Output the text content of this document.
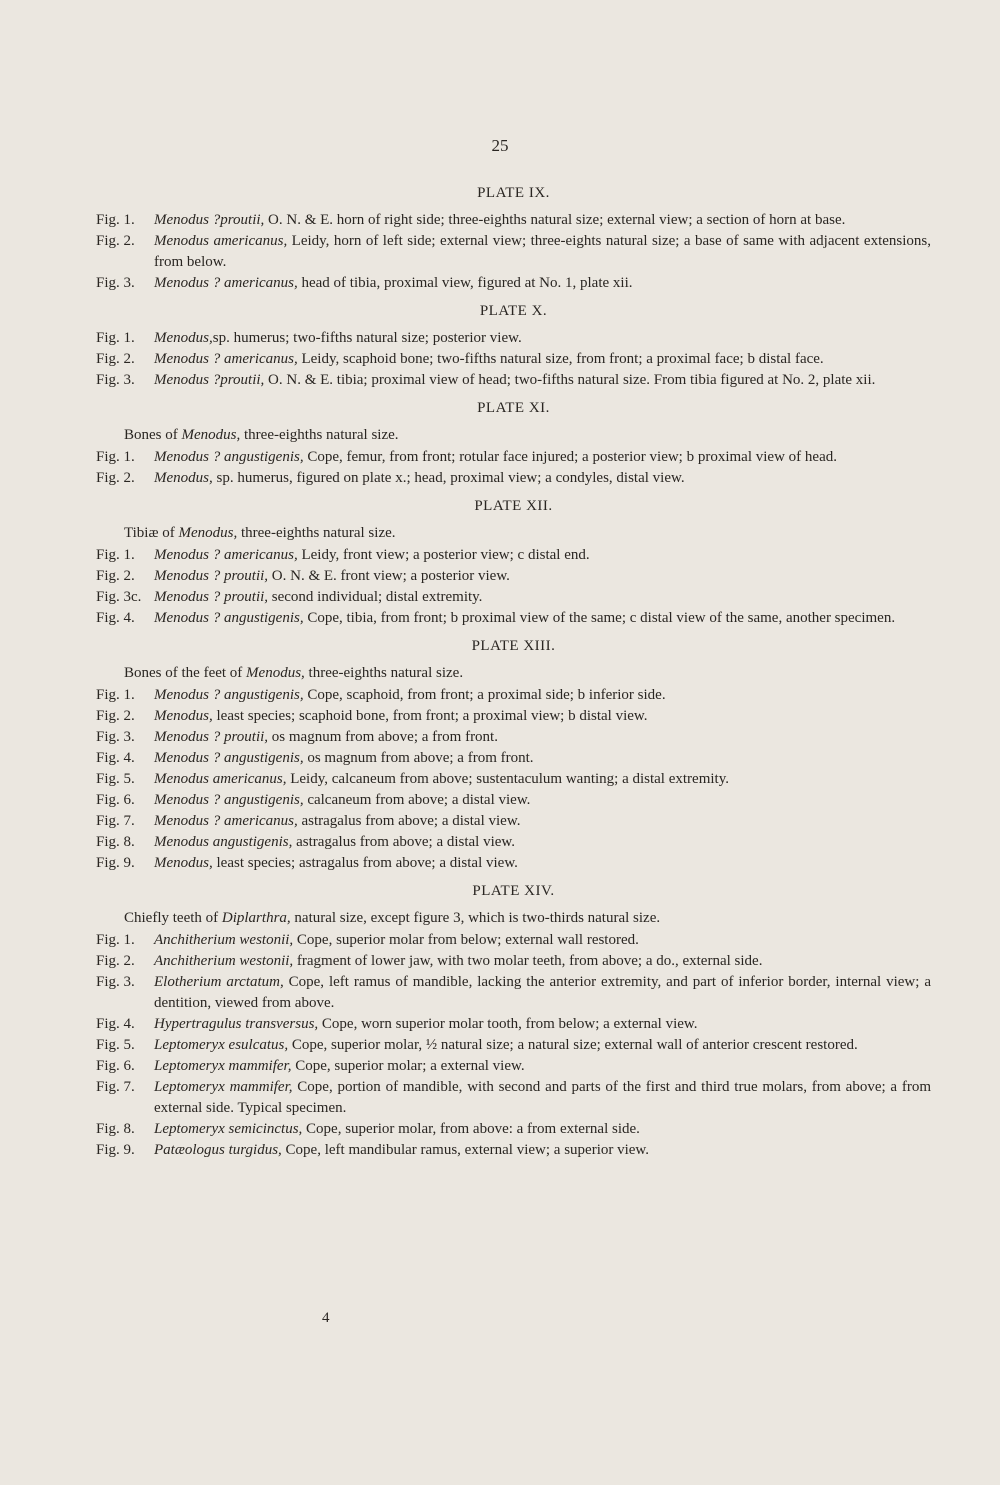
25
PLATE IX.
Fig. 1.	Menodus ?proutii, O. N. & E. horn of right side; three-eighths natural size; external view; a section of horn at base.
Fig. 2.	Menodus americanus, Leidy, horn of left side; external view; three-eights natural size; a base of same with adjacent extensions, from below.
Fig. 3.	Menodus ? americanus, head of tibia, proximal view, figured at No. 1, plate xii.
PLATE X.
Fig. 1.	Menodus,sp. humerus; two-fifths natural size; posterior view.
Fig. 2.	Menodus ? americanus, Leidy, scaphoid bone; two-fifths natural size, from front; a proximal face; b distal face.
Fig. 3.	Menodus ?proutii, O. N. & E. tibia; proximal view of head; two-fifths natural size. From tibia figured at No. 2, plate xii.
PLATE XI.
Bones of Menodus, three-eighths natural size.
Fig. 1.	Menodus ? angustigenis, Cope, femur, from front; rotular face injured; a posterior view; b proximal view of head.
Fig. 2.	Menodus, sp. humerus, figured on plate x.; head, proximal view; a condyles, distal view.
PLATE XII.
Tibiæ of Menodus, three-eighths natural size.
Fig. 1.	Menodus ? americanus, Leidy, front view; a posterior view; c distal end.
Fig. 2.	Menodus ? proutii, O. N. & E. front view; a posterior view.
Fig. 3c. Menodus ? proutii, second individual; distal extremity.
Fig. 4.	Menodus ? angustigenis, Cope, tibia, from front; b proximal view of the same; c distal view of the same, another specimen.
PLATE XIII.
Bones of the feet of Menodus, three-eighths natural size.
Fig. 1.	Menodus ? angustigenis, Cope, scaphoid, from front; a proximal side; b inferior side.
Fig. 2.	Menodus, least species; scaphoid bone, from front; a proximal view; b distal view.
Fig. 3.	Menodus ? proutii, os magnum from above; a from front.
Fig. 4.	Menodus ? angustigenis, os magnum from above; a from front.
Fig. 5.	Menodus americanus, Leidy, calcaneum from above; sustentaculum wanting; a distal extremity.
Fig. 6.	Menodus ? angustigenis, calcaneum from above; a distal view.
Fig. 7.	Menodus ? americanus, astragalus from above; a distal view.
Fig. 8.	Menodus angustigenis, astragalus from above; a distal view.
Fig. 9.	Menodus, least species; astragalus from above; a distal view.
PLATE XIV.
Chiefly teeth of Diplarthra, natural size, except figure 3, which is two-thirds natural size.
Fig. 1.	Anchitherium westonii, Cope, superior molar from below; external wall restored.
Fig. 2.	Anchitherium westonii, fragment of lower jaw, with two molar teeth, from above; a do., external side.
Fig. 3.	Elotherium arctatum, Cope, left ramus of mandible, lacking the anterior extremity, and part of inferior border, internal view; a dentition, viewed from above.
Fig. 4.	Hypertragulus transversus, Cope, worn superior molar tooth, from below; a external view.
Fig. 5.	Leptomeryx esulcatus, Cope, superior molar, ½ natural size; a natural size; external wall of anterior crescent restored.
Fig. 6.	Leptomeryx mammifer, Cope, superior molar; a external view.
Fig. 7.	Leptomeryx mammifer, Cope, portion of mandible, with second and parts of the first and third true molars, from above; a from external side. Typical specimen.
Fig. 8.	Leptomeryx semicinctus, Cope, superior molar, from above: a from external side.
Fig. 9.	Patæologus turgidus, Cope, left mandibular ramus, external view; a superior view.
4
